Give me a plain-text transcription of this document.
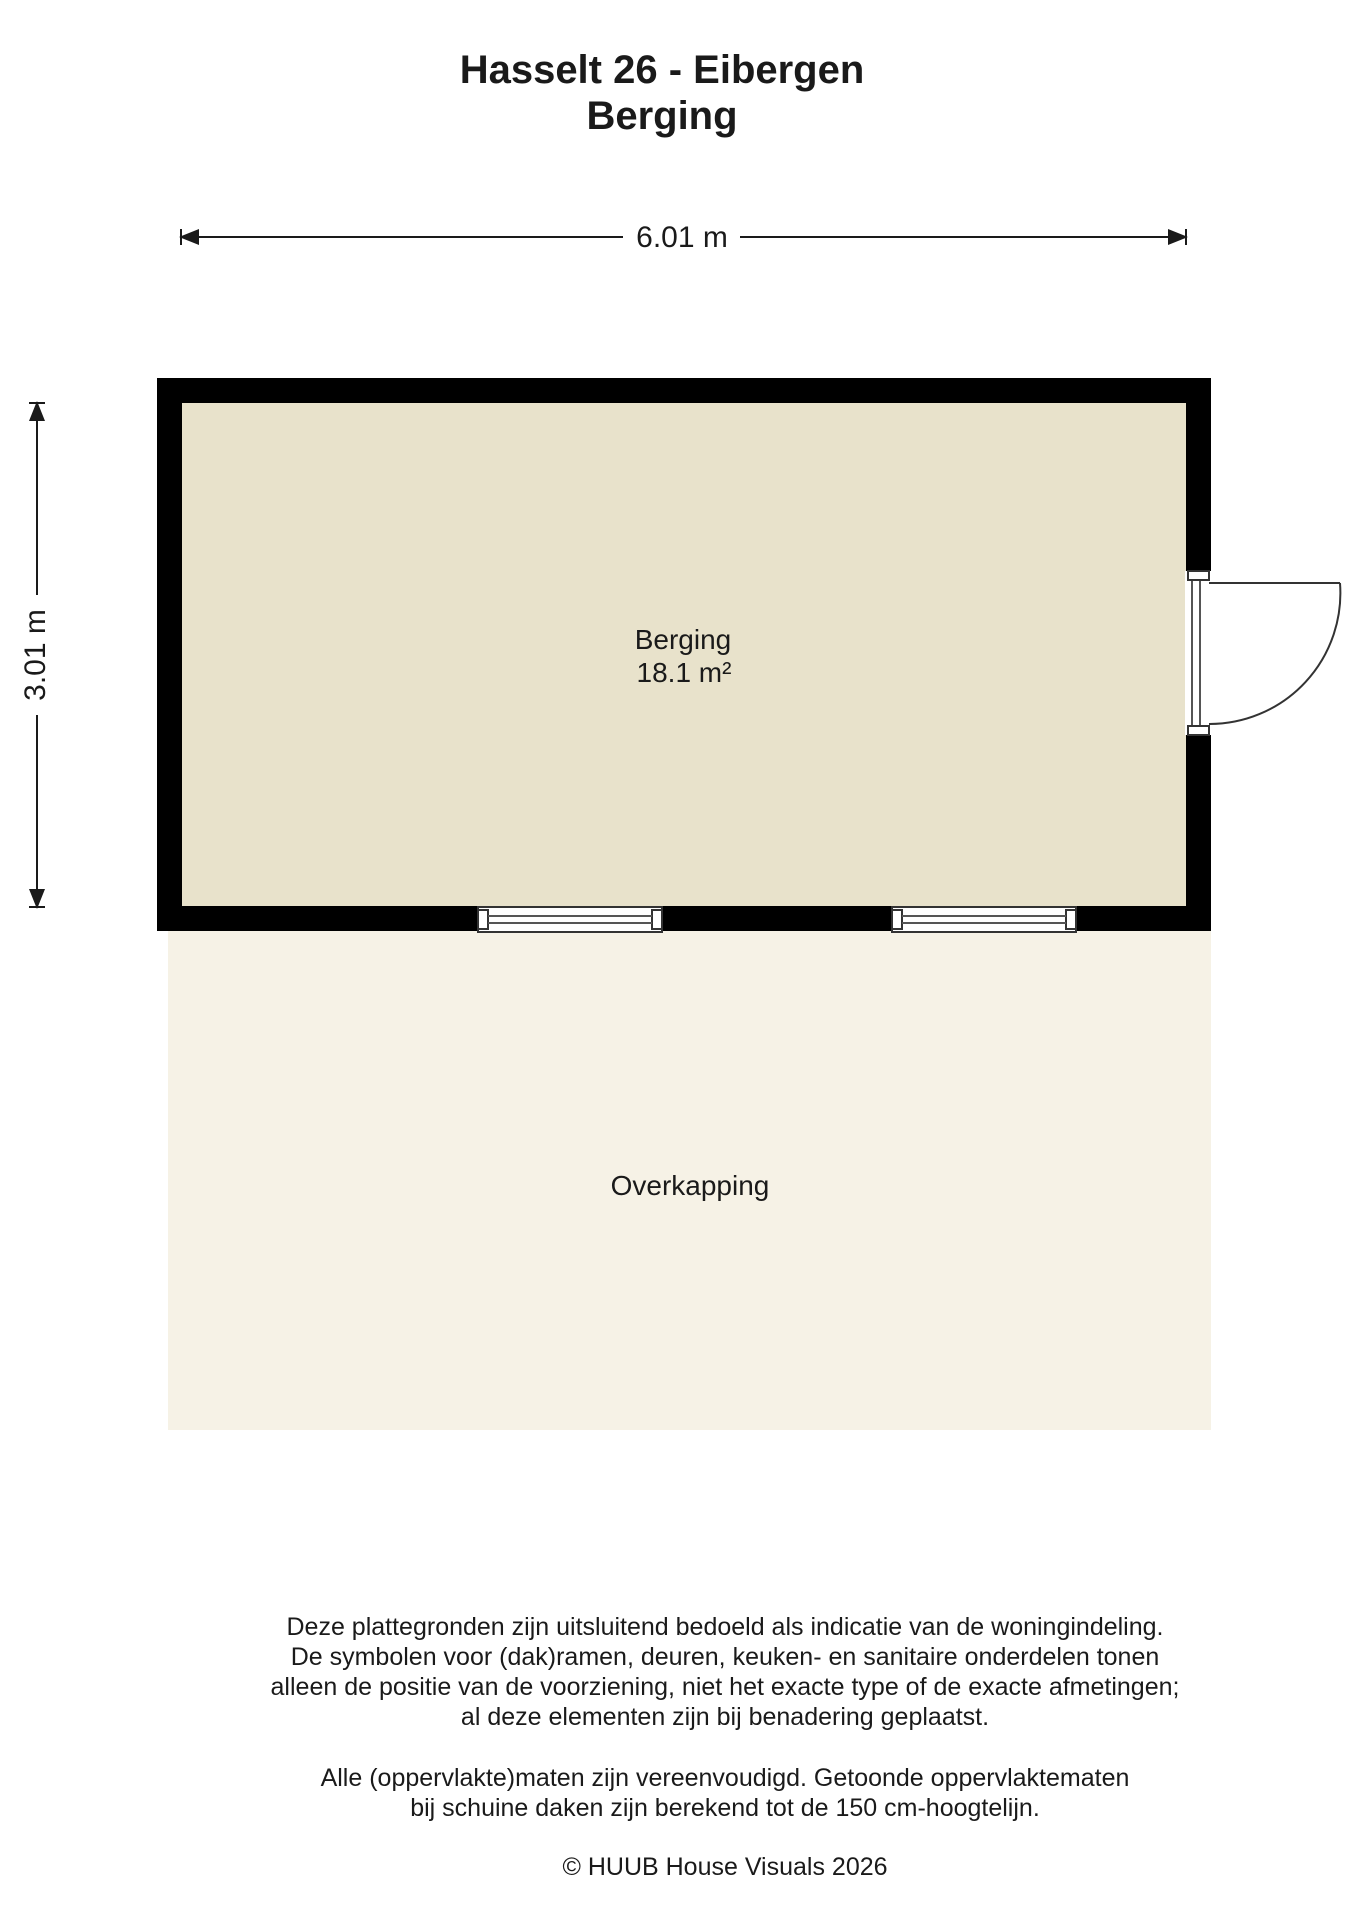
Hasselt 26 - Eibergen
Berging
6.01 m
3.01 m	Berging
18.1 m²
Overkapping

Deze plattegronden zijn uitsluitend bedoeld als indicatie van de woningindeling.

De symbolen voor (dak)ramen, deuren, keuken- en sanitaire onderdelen tonen

alleen de positie van de voorziening, niet het exacte type of de exacte afmetingen;

al deze elementen zijn bij benadering geplaatst.

Alle (oppervlakte)maten zijn vereenvoudigd. Getoonde oppervlaktematen

bij schuine daken zijn berekend tot de 150 cm-hoogtelijn.

© HUUB House Visuals 2026
